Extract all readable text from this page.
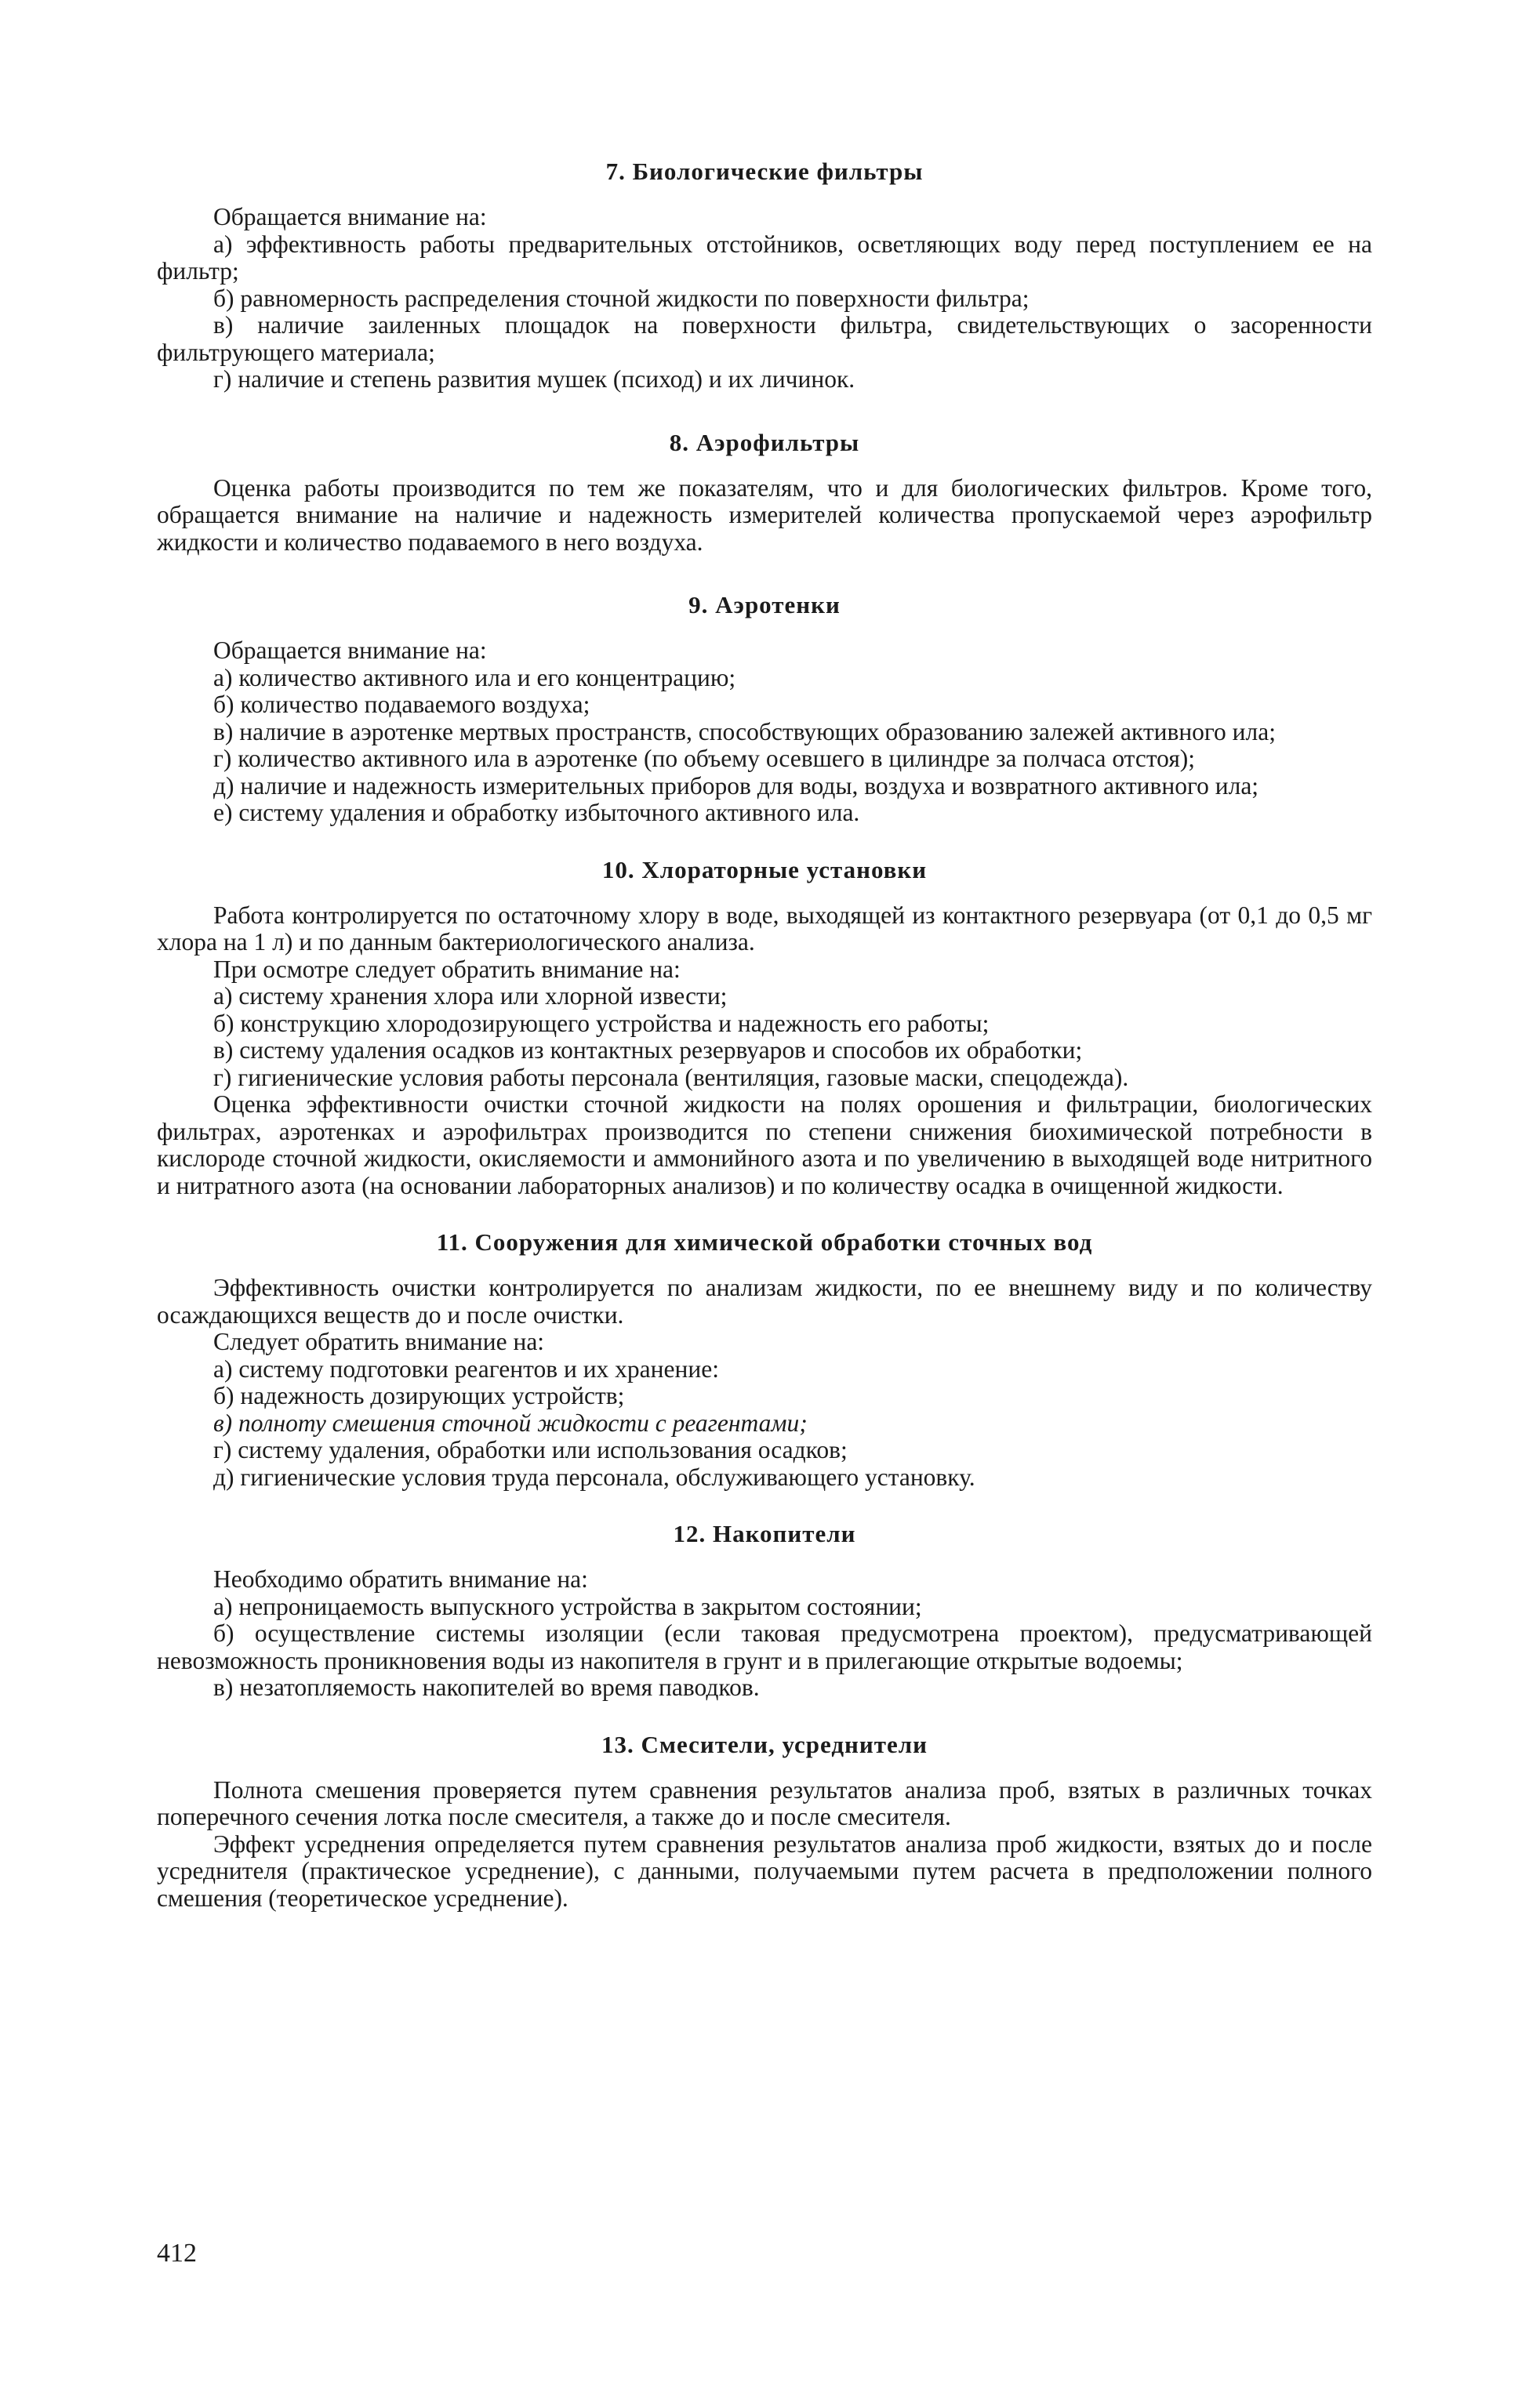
7. Биологические фильтры

Обращается внимание на:

а) эффективность работы предварительных отстойников, осветляющих воду перед поступлением ее на фильтр;

б) равномерность распределения сточной жидкости по поверхности фильтра;

в) наличие заиленных площадок на поверхности фильтра, свидетельствующих о засоренности фильтрующего материала;

г) наличие и степень развития мушек (психод) и их личинок.

8. Аэрофильтры

Оценка работы производится по тем же показателям, что и для биологических фильтров. Кроме того, обращается внимание на наличие и надежность измерителей количества пропускаемой через аэрофильтр жидкости и количество подаваемого в него воздуха.

9. Аэротенки

Обращается внимание на:

а) количество активного ила и его концентрацию;

б) количество подаваемого воздуха;

в) наличие в аэротенке мертвых пространств, способствующих образованию залежей активного ила;

г) количество активного ила в аэротенке (по объему осевшего в цилиндре за полчаса отстоя);

д) наличие и надежность измерительных приборов для воды, воздуха и возвратного активного ила;

е) систему удаления и обработку избыточного активного ила.

10. Хлораторные установки

Работа контролируется по остаточному хлору в воде, выходящей из контактного резервуара (от 0,1 до 0,5 мг хлора на 1 л) и по данным бактериологического анализа.

При осмотре следует обратить внимание на:

а) систему хранения хлора или хлорной извести;

б) конструкцию хлородозирующего устройства и надежность его работы;

в) систему удаления осадков из контактных резервуаров и способов их обработки;

г) гигиенические условия работы персонала (вентиляция, газовые маски, спецодежда).

Оценка эффективности очистки сточной жидкости на полях орошения и фильтрации, биологических фильтрах, аэротенках и аэрофильтрах производится по степени снижения биохимической потребности в кислороде сточной жидкости, окисляемости и аммонийного азота и по увеличению в выходящей воде нитритного и нитратного азота (на основании лабораторных анализов) и по количеству осадка в очищенной жидкости.

11. Сооружения для химической обработки сточных вод

Эффективность очистки контролируется по анализам жидкости, по ее внешнему виду и по количеству осаждающихся веществ до и после очистки.

Следует обратить внимание на:

а) систему подготовки реагентов и их хранение:

б) надежность дозирующих устройств;

в) полноту смешения сточной жидкости с реагентами;

г) систему удаления, обработки или использования осадков;

д) гигиенические условия труда персонала, обслуживающего установку.

12. Накопители

Необходимо обратить внимание на:

а) непроницаемость выпускного устройства в закрытом состоянии;

б) осуществление системы изоляции (если таковая предусмотрена проектом), предусматривающей невозможность проникновения воды из накопителя в грунт и в прилегающие открытые водоемы;

в) незатопляемость накопителей во время паводков.

13. Смесители, усреднители

Полнота смешения проверяется путем сравнения результатов анализа проб, взятых в различных точках поперечного сечения лотка после смесителя, а также до и после смесителя.

Эффект усреднения определяется путем сравнения результатов анализа проб жидкости, взятых до и после усреднителя (практическое усреднение), с данными, получаемыми путем расчета в предположении полного смешения (теоретическое усреднение).

412
